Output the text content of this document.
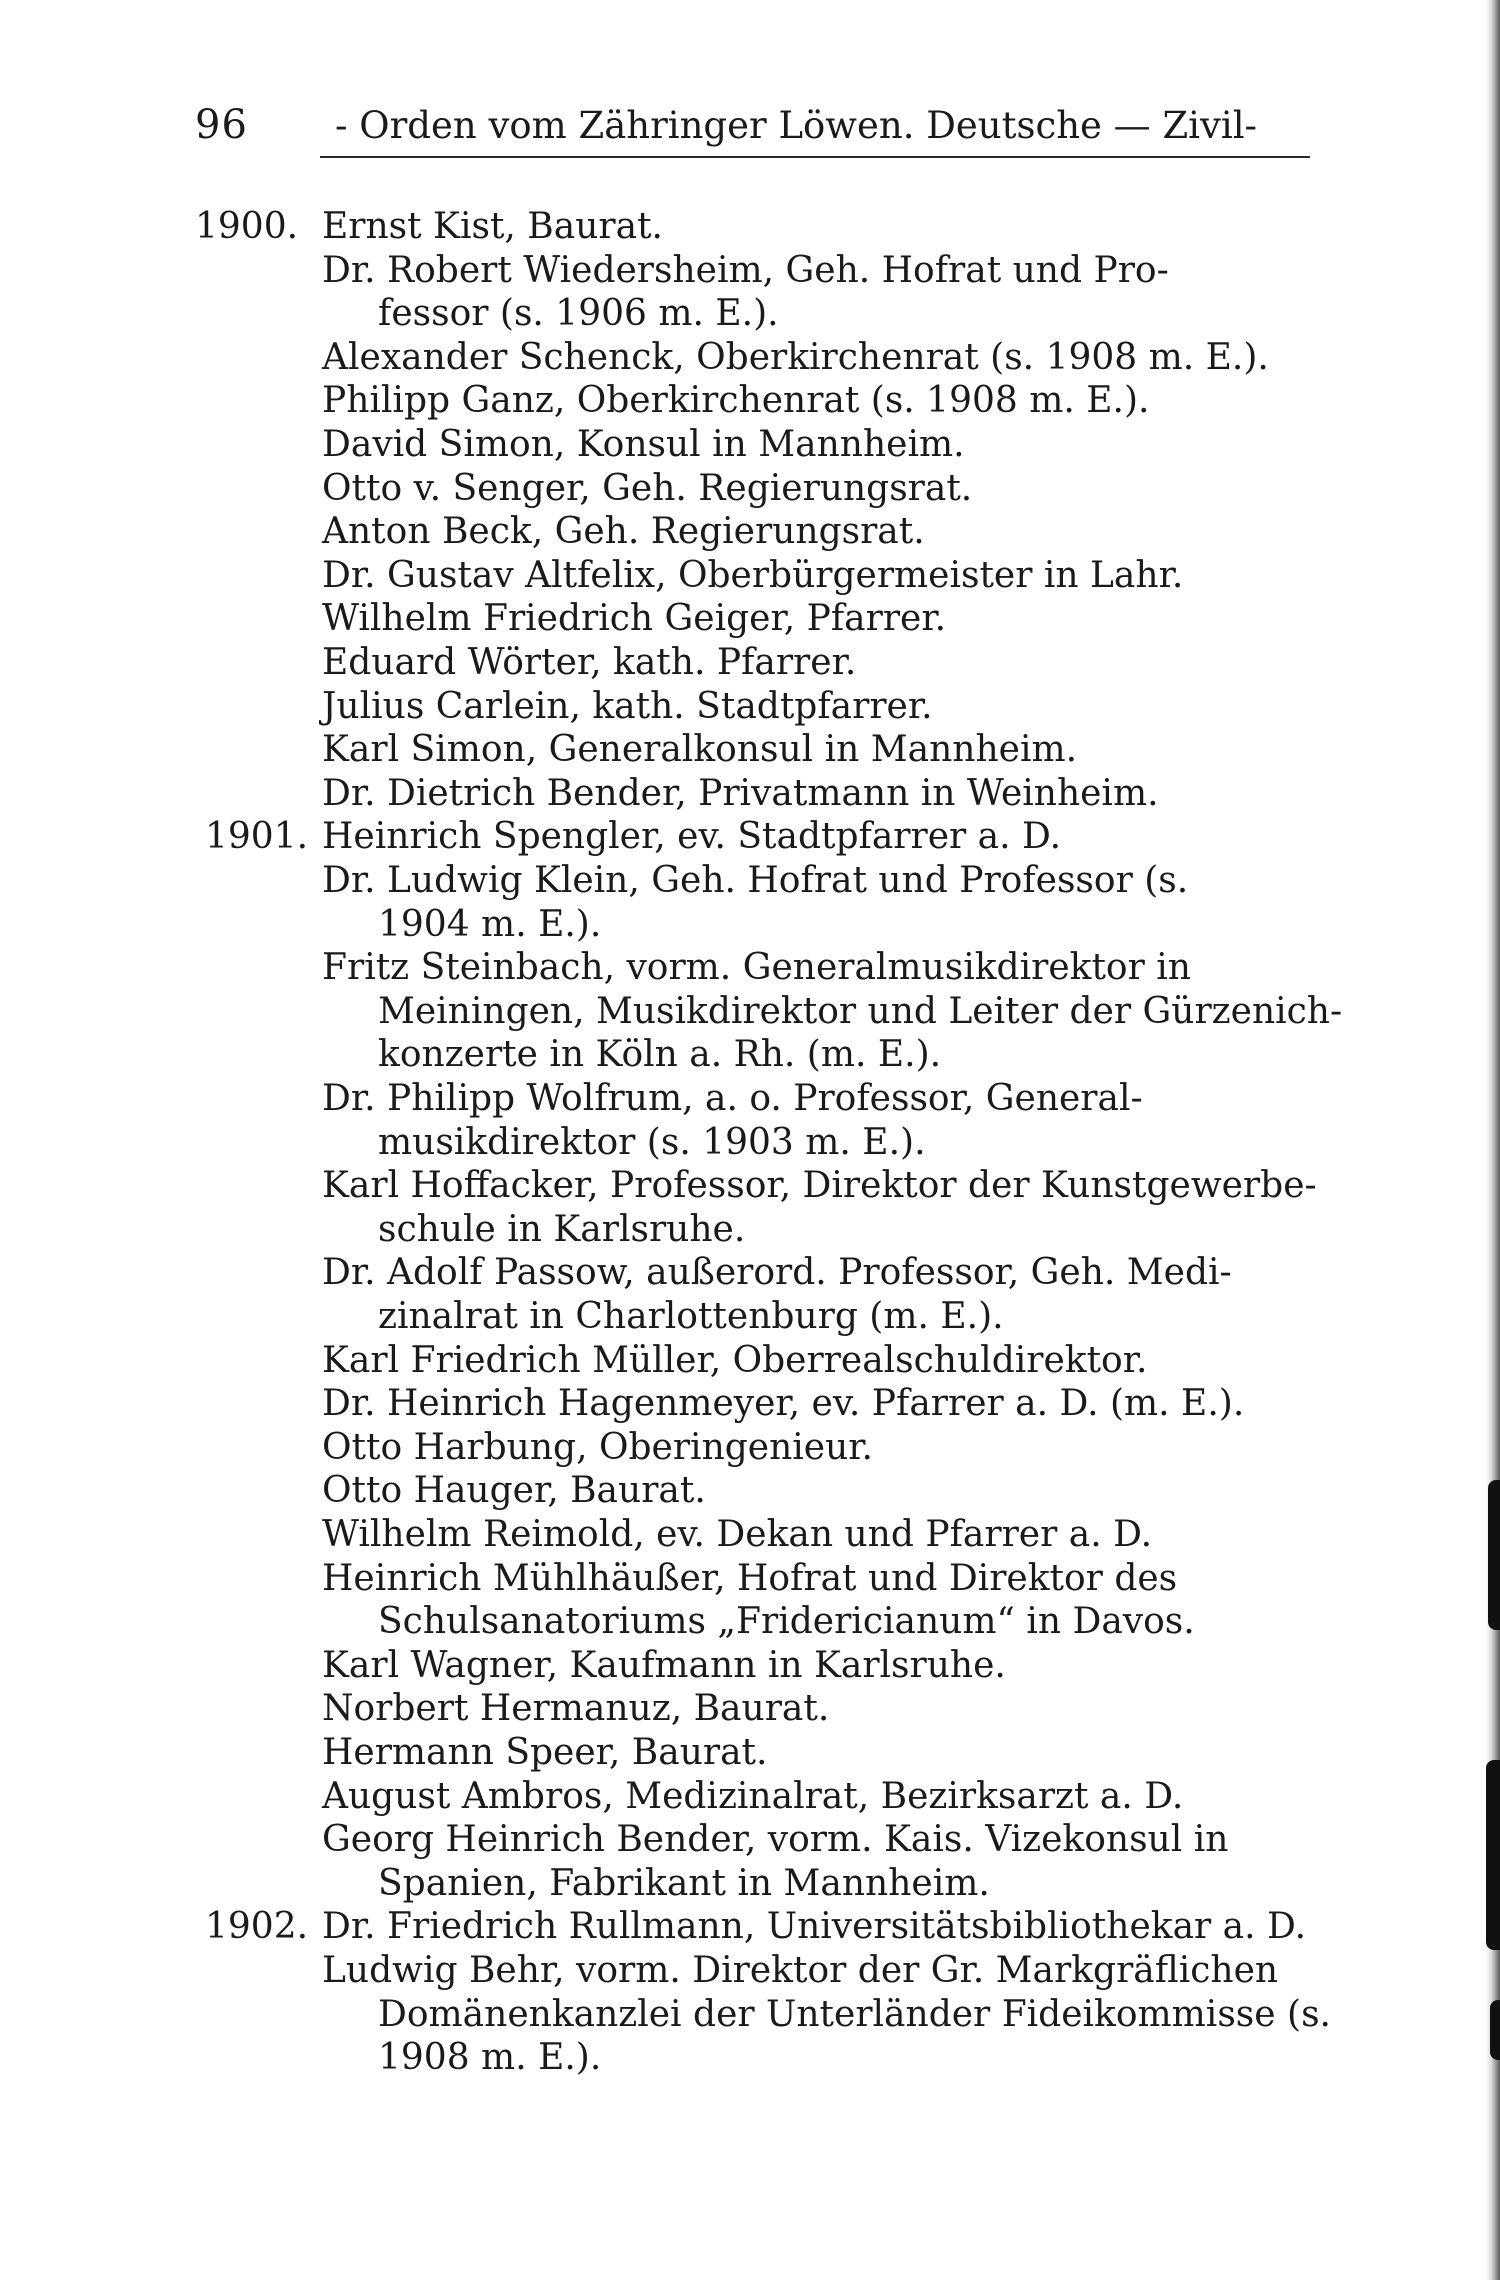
96 - Orden vom Zähringer Löwen. Deutsche — Zivil-
1900. Ernst Kist, Baurat.
Dr. Robert Wiedersheim, Geh. Hofrat und Pro-
fessor (s. 1906 m. E.).
Alexander Schenck, Oberkirchenrat (s. 1908 m. E.).
Philipp Ganz, Oberkirchenrat (s. 1908 m. E.).
David Simon, Konsul in Mannheim.
Otto v. Senger, Geh. Regierungsrat.
Anton Beck, Geh. Regierungsrat.
Dr. Gustav Altfelix, Oberbürgermeister in Lahr.
Wilhelm Friedrich Geiger, Pfarrer.
Eduard Wörter, kath. Pfarrer.
Julius Carlein, kath. Stadtpfarrer.
Karl Simon, Generalkonsul in Mannheim.
Dr. Dietrich Bender, Privatmann in Weinheim.
1901. Heinrich Spengler, ev. Stadtpfarrer a. D.
Dr. Ludwig Klein, Geh. Hofrat und Professor (s.
1904 m. E.).
Fritz Steinbach, vorm. Generalmusikdirektor in
Meiningen, Musikdirektor und Leiter der Gürzenich-
konzerte in Köln a. Rh. (m. E.).
Dr. Philipp Wolfrum, a. o. Professor, General-
musikdirektor (s. 1903 m. E.).
Karl Hoffacker, Professor, Direktor der Kunstgewerbe-
schule in Karlsruhe.
Dr. Adolf Passow, außerord. Professor, Geh. Medi-
zinalrat in Charlottenburg (m. E.).
Karl Friedrich Müller, Oberrealschuldirektor.
Dr. Heinrich Hagenmeyer, ev. Pfarrer a. D. (m. E.).
Otto Harbung, Oberingenieur.
Otto Hauger, Baurat.
Wilhelm Reimold, ev. Dekan und Pfarrer a. D.
Heinrich Mühlhäußer, Hofrat und Direktor des
Schulsanatoriums „Fridericianum“ in Davos.
Karl Wagner, Kaufmann in Karlsruhe.
Norbert Hermanuz, Baurat.
Hermann Speer, Baurat.
August Ambros, Medizinalrat, Bezirksarzt a. D.
Georg Heinrich Bender, vorm. Kais. Vizekonsul in
Spanien, Fabrikant in Mannheim.
1902. Dr. Friedrich Rullmann, Universitätsbibliothekar a. D.
Ludwig Behr, vorm. Direktor der Gr. Markgräflichen
Domänenkanzlei der Unterländer Fideikommisse (s.
1908 m. E.).
